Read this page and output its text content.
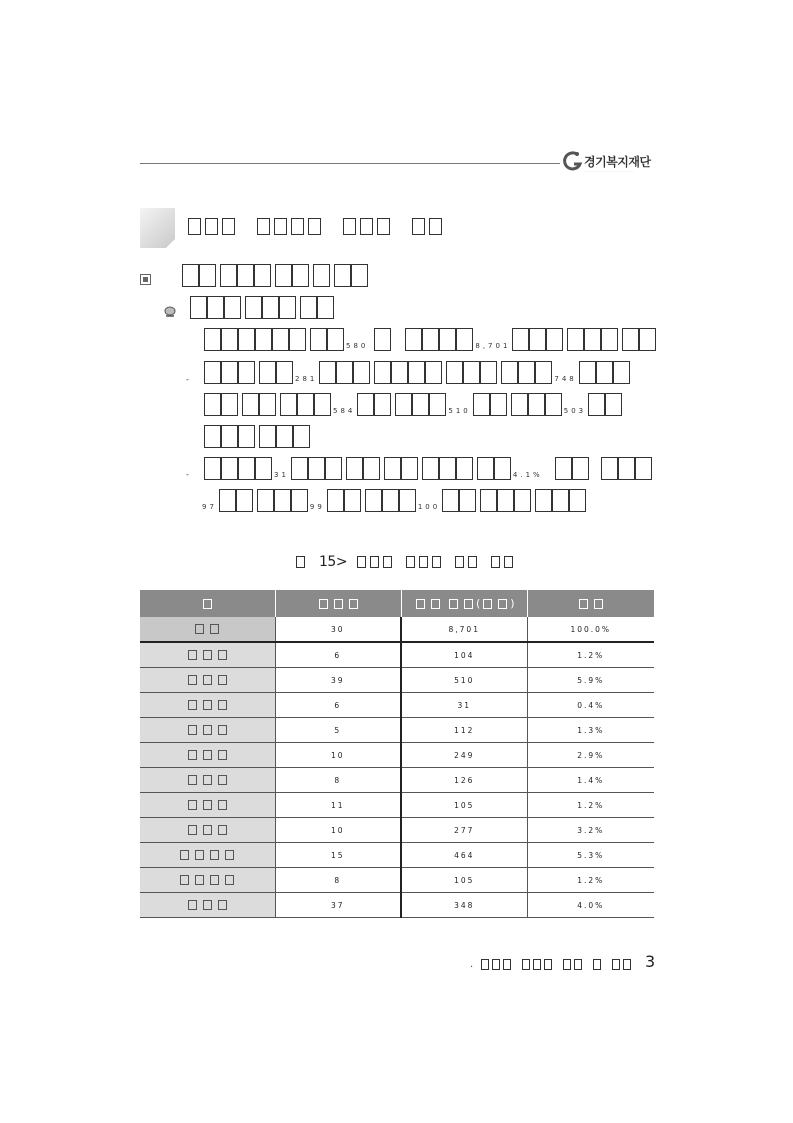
경기복지재단
············································
580	8,701
-	281	748
584	510	503
-	31	4.1%
97	99	100
15>
		( )	
	30	8,701	100.0%
	6	104	1.2%
	39	510	5.9%
	6	31	0.4%
	5	112	1.3%
	10	249	2.9%
	8	126	1.4%
	11	105	1.2%
	10	277	3.2%
	15	464	5.3%
	8	105	1.2%
	37	348	4.0%
.	3
